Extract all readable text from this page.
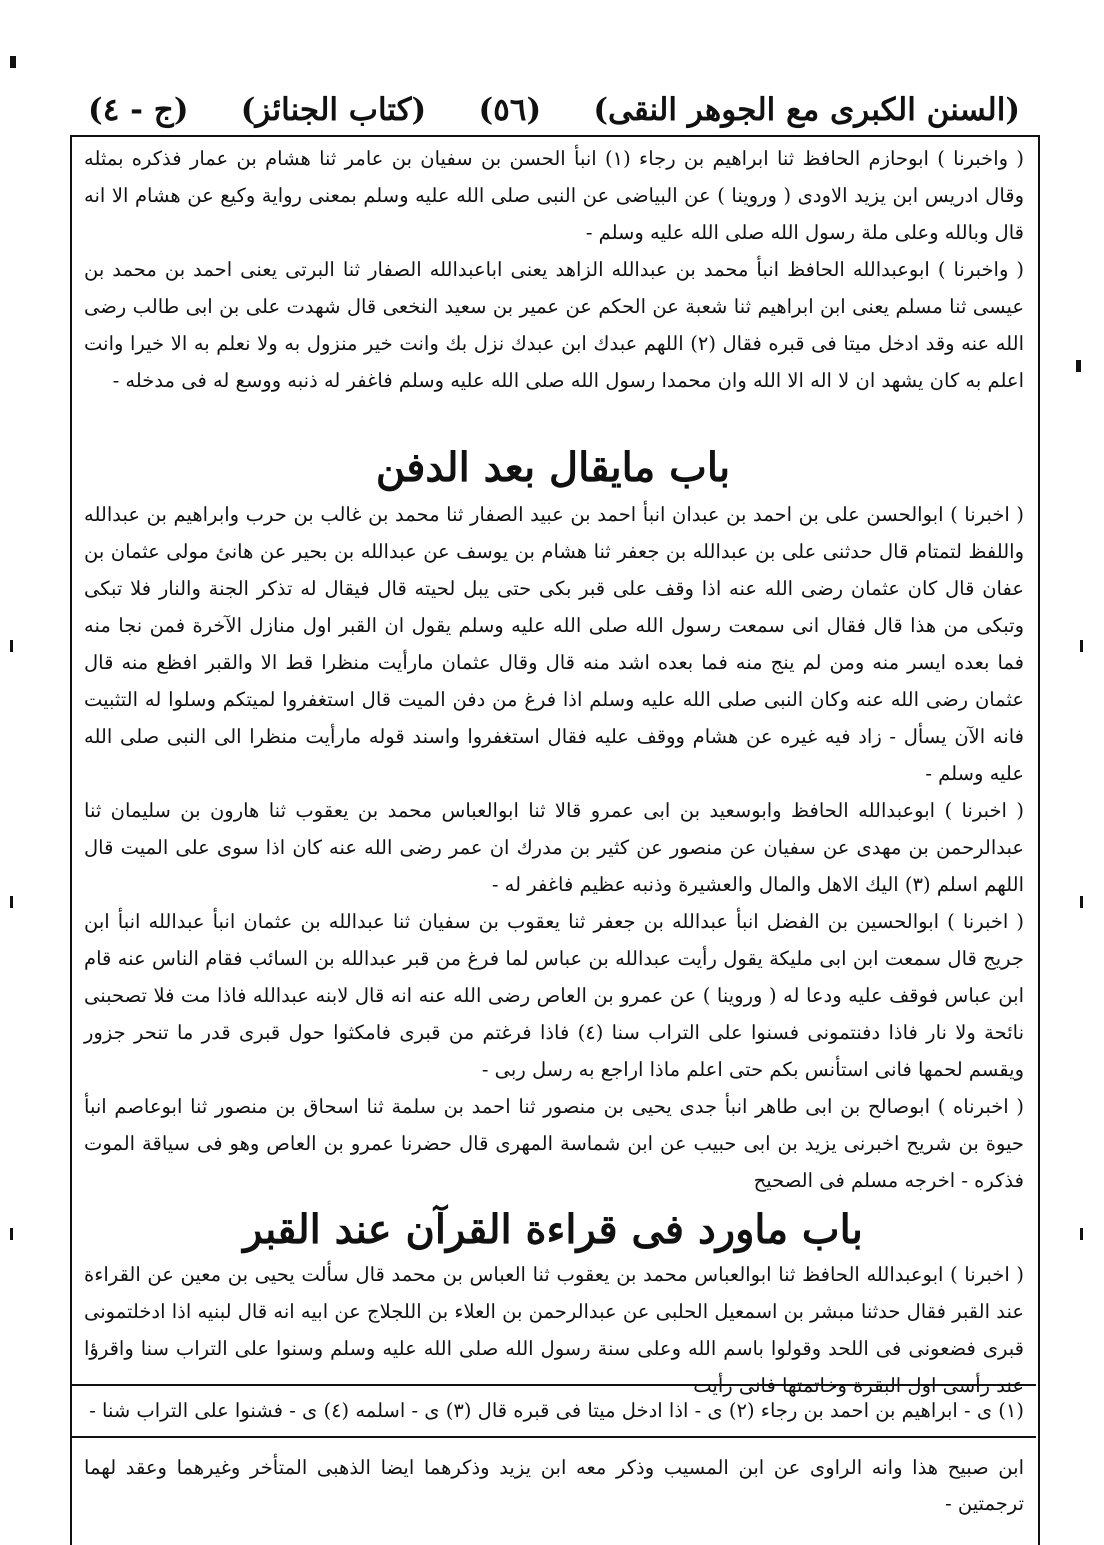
(السنن الكبرى مع الجوهر النقى)
(٥٦)
(كتاب الجنائز)
(ج - ٤)

( واخبرنا ) ابوحازم الحافظ ثنا ابراهيم بن رجاء (١) انبأ الحسن بن سفيان بن عامر ثنا هشام بن عمار فذكره بمثله وقال ادريس ابن يزيد الاودى ( وروينا ) عن البياضى عن النبى صلى الله عليه وسلم بمعنى رواية وكيع عن هشام الا انه قال وبالله وعلى ملة رسول الله صلى الله عليه وسلم -

( واخبرنا ) ابوعبدالله الحافظ انبأ محمد بن عبدالله الزاهد يعنى اباعبدالله الصفار ثنا البرتى يعنى احمد بن محمد بن عيسى ثنا مسلم يعنى ابن ابراهيم ثنا شعبة عن الحكم عن عمير بن سعيد النخعى قال شهدت على بن ابى طالب رضى الله عنه وقد ادخل ميتا فى قبره فقال (٢) اللهم عبدك ابن عبدك نزل بك وانت خير منزول به ولا نعلم به الا خيرا وانت اعلم به كان يشهد ان لا اله الا الله وان محمدا رسول الله صلى الله عليه وسلم فاغفر له ذنبه ووسع له فى مدخله -

باب مايقال بعد الدفن

( اخبرنا ) ابوالحسن على بن احمد بن عبدان انبأ احمد بن عبيد الصفار ثنا محمد بن غالب بن حرب وابراهيم بن عبدالله واللفظ لتمتام قال حدثنى على بن عبدالله بن جعفر ثنا هشام بن يوسف عن عبدالله بن بحير عن هانئ مولى عثمان بن عفان قال كان عثمان رضى الله عنه اذا وقف على قبر بكى حتى يبل لحيته قال فيقال له تذكر الجنة والنار فلا تبكى وتبكى من هذا قال فقال انى سمعت رسول الله صلى الله عليه وسلم يقول ان القبر اول منازل الآخرة فمن نجا منه فما بعده ايسر منه ومن لم ينج منه فما بعده اشد منه قال وقال عثمان مارأيت منظرا قط الا والقبر افظع منه قال عثمان رضى الله عنه وكان النبى صلى الله عليه وسلم اذا فرغ من دفن الميت قال استغفروا لميتكم وسلوا له التثبيت فانه الآن يسأل - زاد فيه غيره عن هشام ووقف عليه فقال استغفروا واسند قوله مارأيت منظرا الى النبى صلى الله عليه وسلم -

( اخبرنا ) ابوعبدالله الحافظ وابوسعيد بن ابى عمرو قالا ثنا ابوالعباس محمد بن يعقوب ثنا هارون بن سليمان ثنا عبدالرحمن بن مهدى عن سفيان عن منصور عن كثير بن مدرك ان عمر رضى الله عنه كان اذا سوى على الميت قال اللهم اسلم (٣) اليك الاهل والمال والعشيرة وذنبه عظيم فاغفر له -

( اخبرنا ) ابوالحسين بن الفضل انبأ عبدالله بن جعفر ثنا يعقوب بن سفيان ثنا عبدالله بن عثمان انبأ عبدالله انبأ ابن جريج قال سمعت ابن ابى مليكة يقول رأيت عبدالله بن عباس لما فرغ من قبر عبدالله بن السائب فقام الناس عنه قام ابن عباس فوقف عليه ودعا له ( وروينا ) عن عمرو بن العاص رضى الله عنه انه قال لابنه عبدالله فاذا مت فلا تصحبنى نائحة ولا نار فاذا دفنتمونى فسنوا على التراب سنا (٤) فاذا فرغتم من قبرى فامكثوا حول قبرى قدر ما تنحر جزور ويقسم لحمها فانى استأنس بكم حتى اعلم ماذا اراجع به رسل ربى -

( اخبرناه ) ابوصالح بن ابى طاهر انبأ جدى يحيى بن منصور ثنا احمد بن سلمة ثنا اسحاق بن منصور ثنا ابوعاصم انبأ حيوة بن شريح اخبرنى يزيد بن ابى حبيب عن ابن شماسة المهرى قال حضرنا عمرو بن العاص وهو فى سياقة الموت فذكره - اخرجه مسلم فى الصحيح

باب ماورد فى قراءة القرآن عند القبر

( اخبرنا ) ابوعبدالله الحافظ ثنا ابوالعباس محمد بن يعقوب ثنا العباس بن محمد قال سألت يحيى بن معين عن القراءة عند القبر فقال حدثنا مبشر بن اسمعيل الحلبى عن عبدالرحمن بن العلاء بن اللجلاج عن ابيه انه قال لبنيه اذا ادخلتمونى قبرى فضعونى فى اللحد وقولوا باسم الله وعلى سنة رسول الله صلى الله عليه وسلم وسنوا على التراب سنا واقرؤا عند رأسى اول البقرة وخاتمتها فانى رأيت

(١) ى - ابراهيم بن احمد بن رجاء (٢) ى - اذا ادخل ميتا فى قبره قال (٣) ى - اسلمه (٤) ى - فشنوا على التراب شنا -
ابن صبيح هذا وانه الراوى عن ابن المسيب وذكر معه ابن يزيد وذكرهما ايضا الذهبى المتأخر وغيرهما وعقد لهما ترجمتين -
